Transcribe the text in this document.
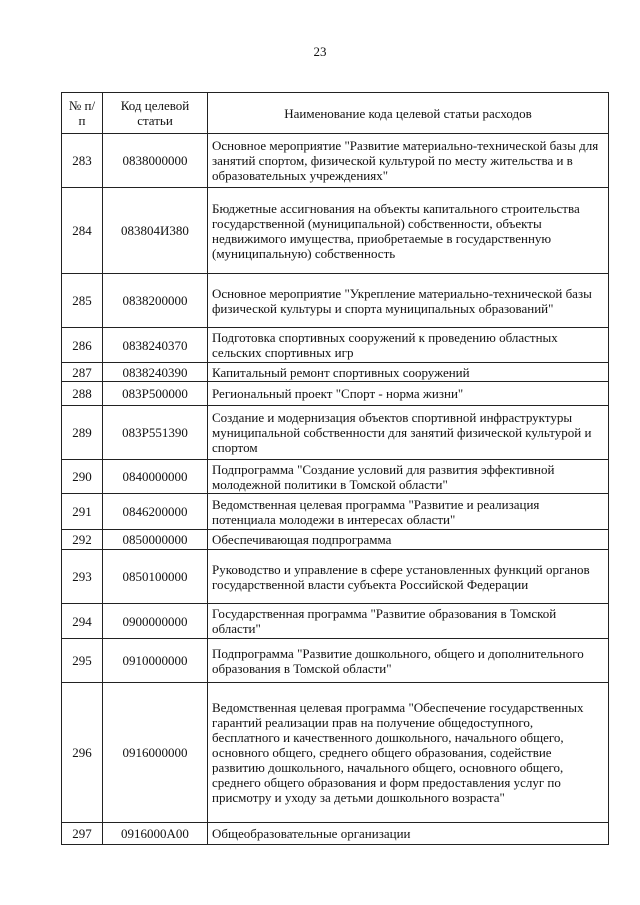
23
№ п/п	Код целевой статьи	Наименование кода целевой статьи расходов
283	0838000000	Основное мероприятие "Развитие материально-технической базы для занятий спортом, физической культурой по месту жительства и в образовательных учреждениях"
284	083804И380	Бюджетные ассигнования на объекты капитального строительства государственной (муниципальной) собственности, объекты недвижимого имущества, приобретаемые в государственную (муниципальную) собственность
285	0838200000	Основное мероприятие "Укрепление материально-технической базы физической культуры и спорта муниципальных образований"
286	0838240370	Подготовка спортивных сооружений к проведению областных сельских спортивных игр
287	0838240390	Капитальный ремонт спортивных сооружений
288	083P500000	Региональный проект "Спорт - норма жизни"
289	083P551390	Создание и модернизация объектов спортивной инфраструктуры муниципальной собственности для занятий физической культурой и спортом
290	0840000000	Подпрограмма "Создание условий для развития эффективной молодежной политики в Томской области"
291	0846200000	Ведомственная целевая программа "Развитие и реализация потенциала молодежи в интересах области"
292	0850000000	Обеспечивающая подпрограмма
293	0850100000	Руководство и управление в сфере установленных функций органов государственной власти субъекта Российской Федерации
294	0900000000	Государственная программа "Развитие образования в Томской области"
295	0910000000	Подпрограмма "Развитие дошкольного, общего и дополнительного образования в Томской области"
296	0916000000	Ведомственная целевая программа "Обеспечение государственных гарантий реализации прав на получение общедоступного, бесплатного и качественного дошкольного, начального общего, основного общего, среднего общего образования, содействие развитию дошкольного, начального общего, основного общего, среднего общего образования и форм предоставления услуг по присмотру и уходу за детьми дошкольного возраста"
297	0916000А00	Общеобразовательные организации
